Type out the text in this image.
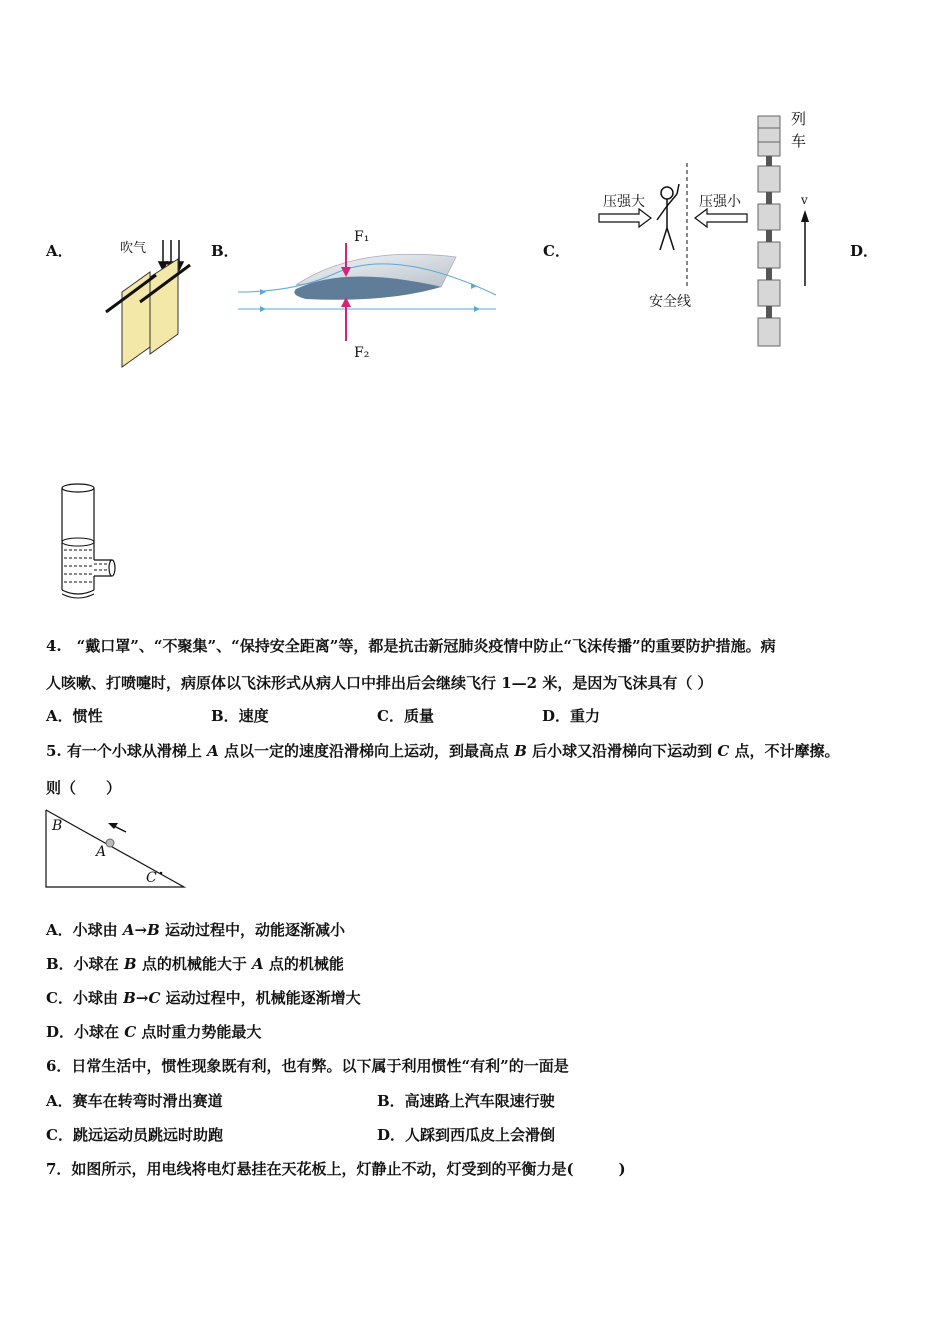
A．	吹气	B．
F₁
F₂
C．
压强大	压强小
安全线
列
车
v
D．
4.　“戴口罩”、“不聚集”、“保持安全距离”等，都是抗击新冠肺炎疫情中防止“飞沫传播”的重要防护措施。病
人咳嗽、打喷嚏时，病原体以飞沫形式从病人口中排出后会继续飞行 1—2 米，是因为飞沫具有（ ）
A．惯性	B．速度	C．质量	D．重力
5. 有一个小球从滑梯上 A 点以一定的速度沿滑梯向上运动，到最高点 B 后小球又沿滑梯向下运动到 C 点，不计摩擦。
则（　　）
B
A
C
A．小球由 A→B 运动过程中，动能逐渐减小
B．小球在 B 点的机械能大于 A 点的机械能
C．小球由 B→C 运动过程中，机械能逐渐增大
D．小球在 C 点时重力势能最大
6．日常生活中，惯性现象既有利，也有弊。以下属于利用惯性“有利”的一面是
A．赛车在转弯时滑出赛道	B．高速路上汽车限速行驶
C．跳远运动员跳远时助跑	D．人踩到西瓜皮上会滑倒
7．如图所示，用电线将电灯悬挂在天花板上，灯静止不动，灯受到的平衡力是(　　　)
